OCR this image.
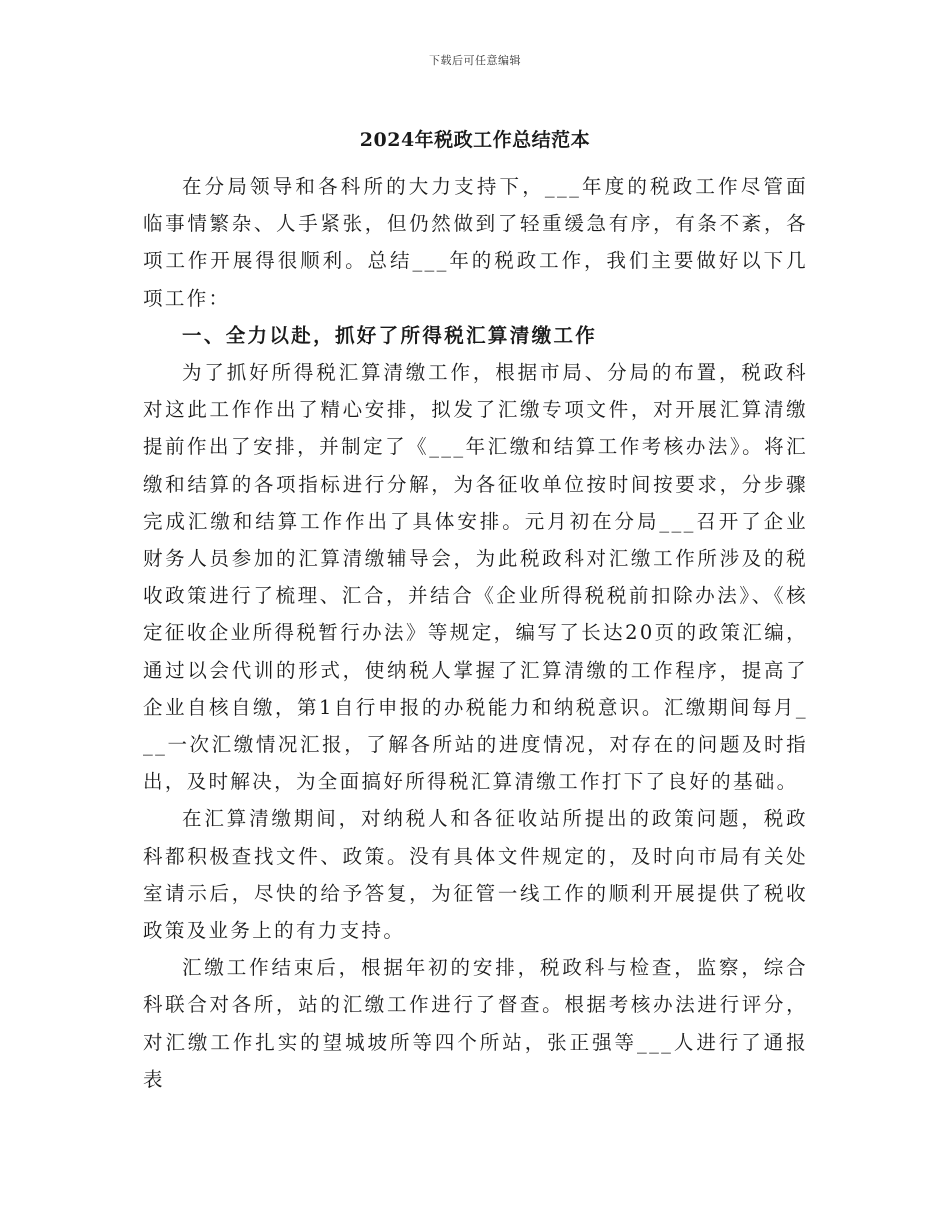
下载后可任意编辑
2024年税政工作总结范本

在分局领导和各科所的大力支持下，___年度的税政工作尽管面临事情繁杂、人手紧张，但仍然做到了轻重缓急有序，有条不紊，各项工作开展得很顺利。总结___年的税政工作，我们主要做好以下几项工作：

一、全力以赴，抓好了所得税汇算清缴工作

为了抓好所得税汇算清缴工作，根据市局、分局的布置，税政科对这此工作作出了精心安排，拟发了汇缴专项文件，对开展汇算清缴提前作出了安排，并制定了《___年汇缴和结算工作考核办法》。将汇缴和结算的各项指标进行分解，为各征收单位按时间按要求，分步骤完成汇缴和结算工作作出了具体安排。元月初在分局___召开了企业财务人员参加的汇算清缴辅导会，为此税政科对汇缴工作所涉及的税收政策进行了梳理、汇合，并结合《企业所得税税前扣除办法》、《核定征收企业所得税暂行办法》等规定，编写了长达20页的政策汇编，通过以会代训的形式，使纳税人掌握了汇算清缴的工作程序，提高了企业自核自缴，第1自行申报的办税能力和纳税意识。汇缴期间每月___一次汇缴情况汇报，了解各所站的进度情况，对存在的问题及时指出，及时解决，为全面搞好所得税汇算清缴工作打下了良好的基础。

在汇算清缴期间，对纳税人和各征收站所提出的政策问题，税政科都积极查找文件、政策。没有具体文件规定的，及时向市局有关处室请示后，尽快的给予答复，为征管一线工作的顺利开展提供了税收政策及业务上的有力支持。

汇缴工作结束后，根据年初的安排，税政科与检查，监察，综合科联合对各所，站的汇缴工作进行了督查。根据考核办法进行评分，对汇缴工作扎实的望城坡所等四个所站，张正强等___人进行了通报表
